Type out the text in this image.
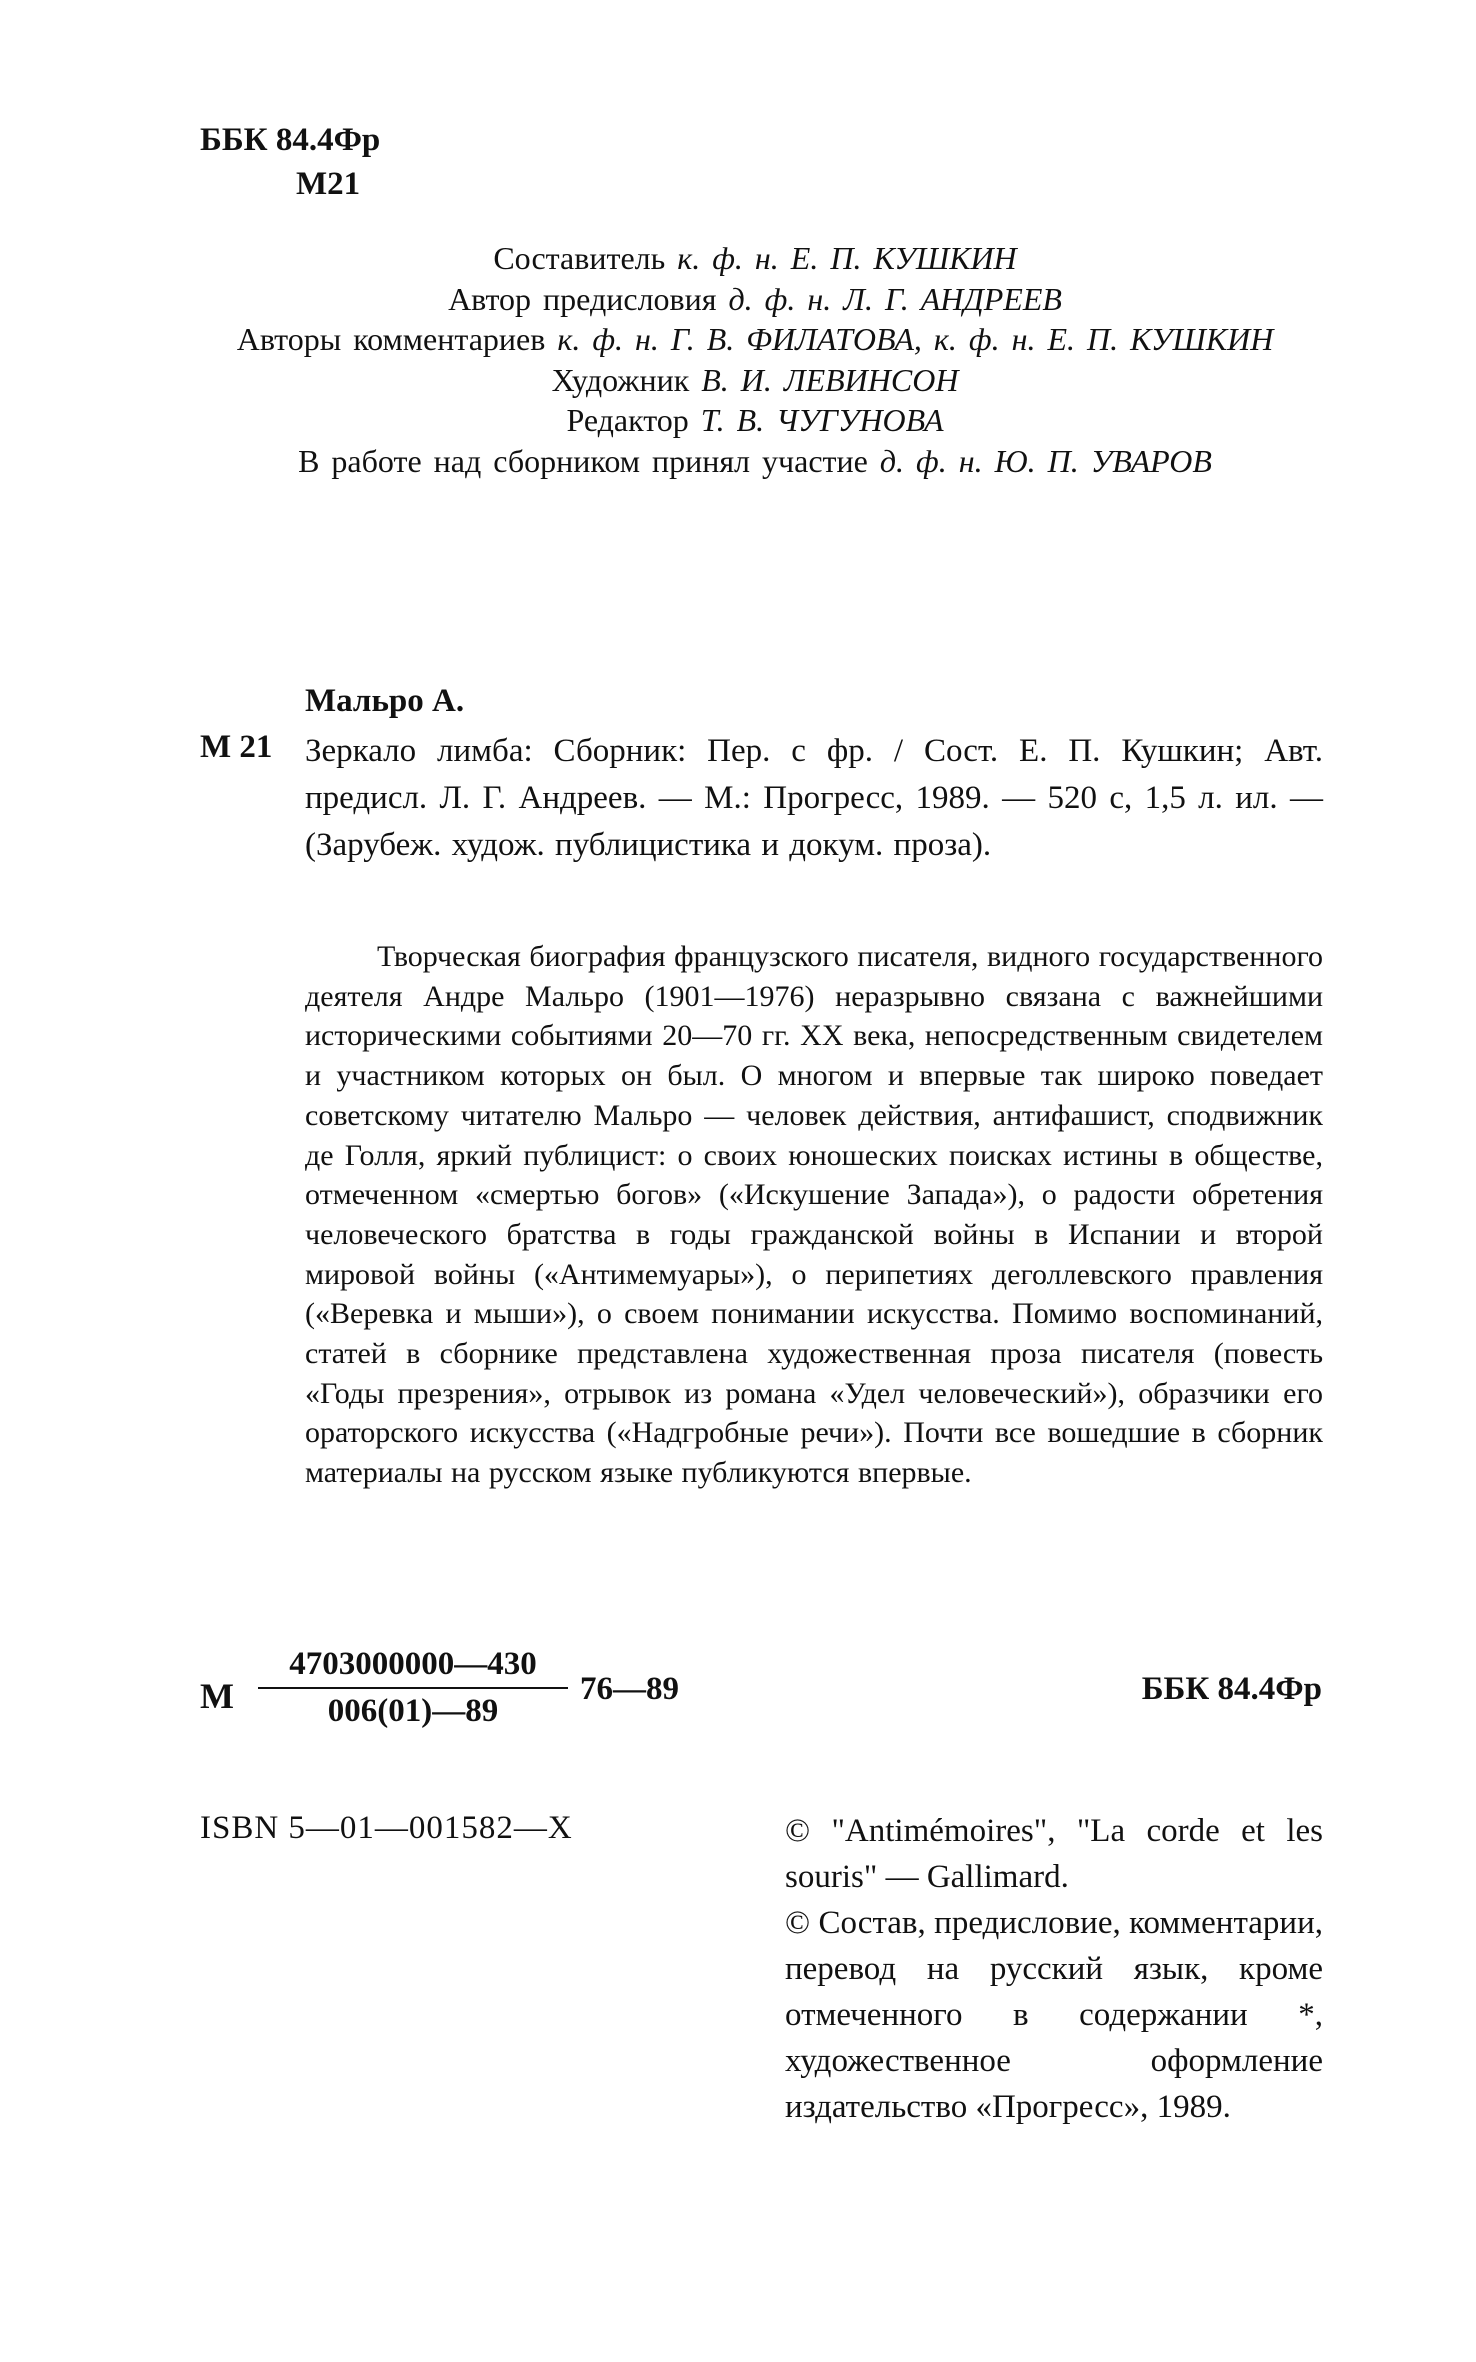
ББК 84.4Фр
М21
Составитель к. ф. н. Е. П. КУШКИН
Автор предисловия д. ф. н. Л. Г. АНДРЕЕВ
Авторы комментариев к. ф. н. Г. В. ФИЛАТОВА, к. ф. н. Е. П. КУШКИН
Художник В. И. ЛЕВИНСОН
Редактор Т. В. ЧУГУНОВА
В работе над сборником принял участие д. ф. н. Ю. П. УВАРОВ
Мальро А.
М 21 Зеркало лимба: Сборник: Пер. с фр. / Сост. Е. П. Кушкин; Авт. предисл. Л. Г. Андреев. — М.: Прогресс, 1989. — 520 с, 1,5 л. ил. — (Зарубеж. худож. публицистика и докум. проза).
Творческая биография французского писателя, видного государственного деятеля Андре Мальро (1901—1976) неразрывно связана с важнейшими историческими событиями 20—70 гг. XX века, непосредственным свидетелем и участником которых он был. О многом и впервые так широко поведает советскому читателю Мальро — человек действия, антифашист, сподвижник де Голля, яркий публицист: о своих юношеских поисках истины в обществе, отмеченном «смертью богов» («Искушение Запада»), о радости обретения человеческого братства в годы гражданской войны в Испании и второй мировой войны («Антимемуары»), о перипетиях деголлевского правления («Веревка и мыши»), о своем понимании искусства. Помимо воспоминаний, статей в сборнике представлена художественная проза писателя (повесть «Годы презрения», отрывок из романа «Удел человеческий»), образчики его ораторского искусства («Надгробные речи»). Почти все вошедшие в сборник материалы на русском языке публикуются впервые.
М $\frac{4703000000—430}{006(01)—89}$ 76—89	ББК 84.4Фр
ISBN 5—01—001582—X	© "Antimémoires", "La corde et les souris" — Gallimard.

© Состав, предисловие, комментарии, перевод на русский язык, кроме отмеченного в содержании *, художественное оформление издательство «Прогресс», 1989.
